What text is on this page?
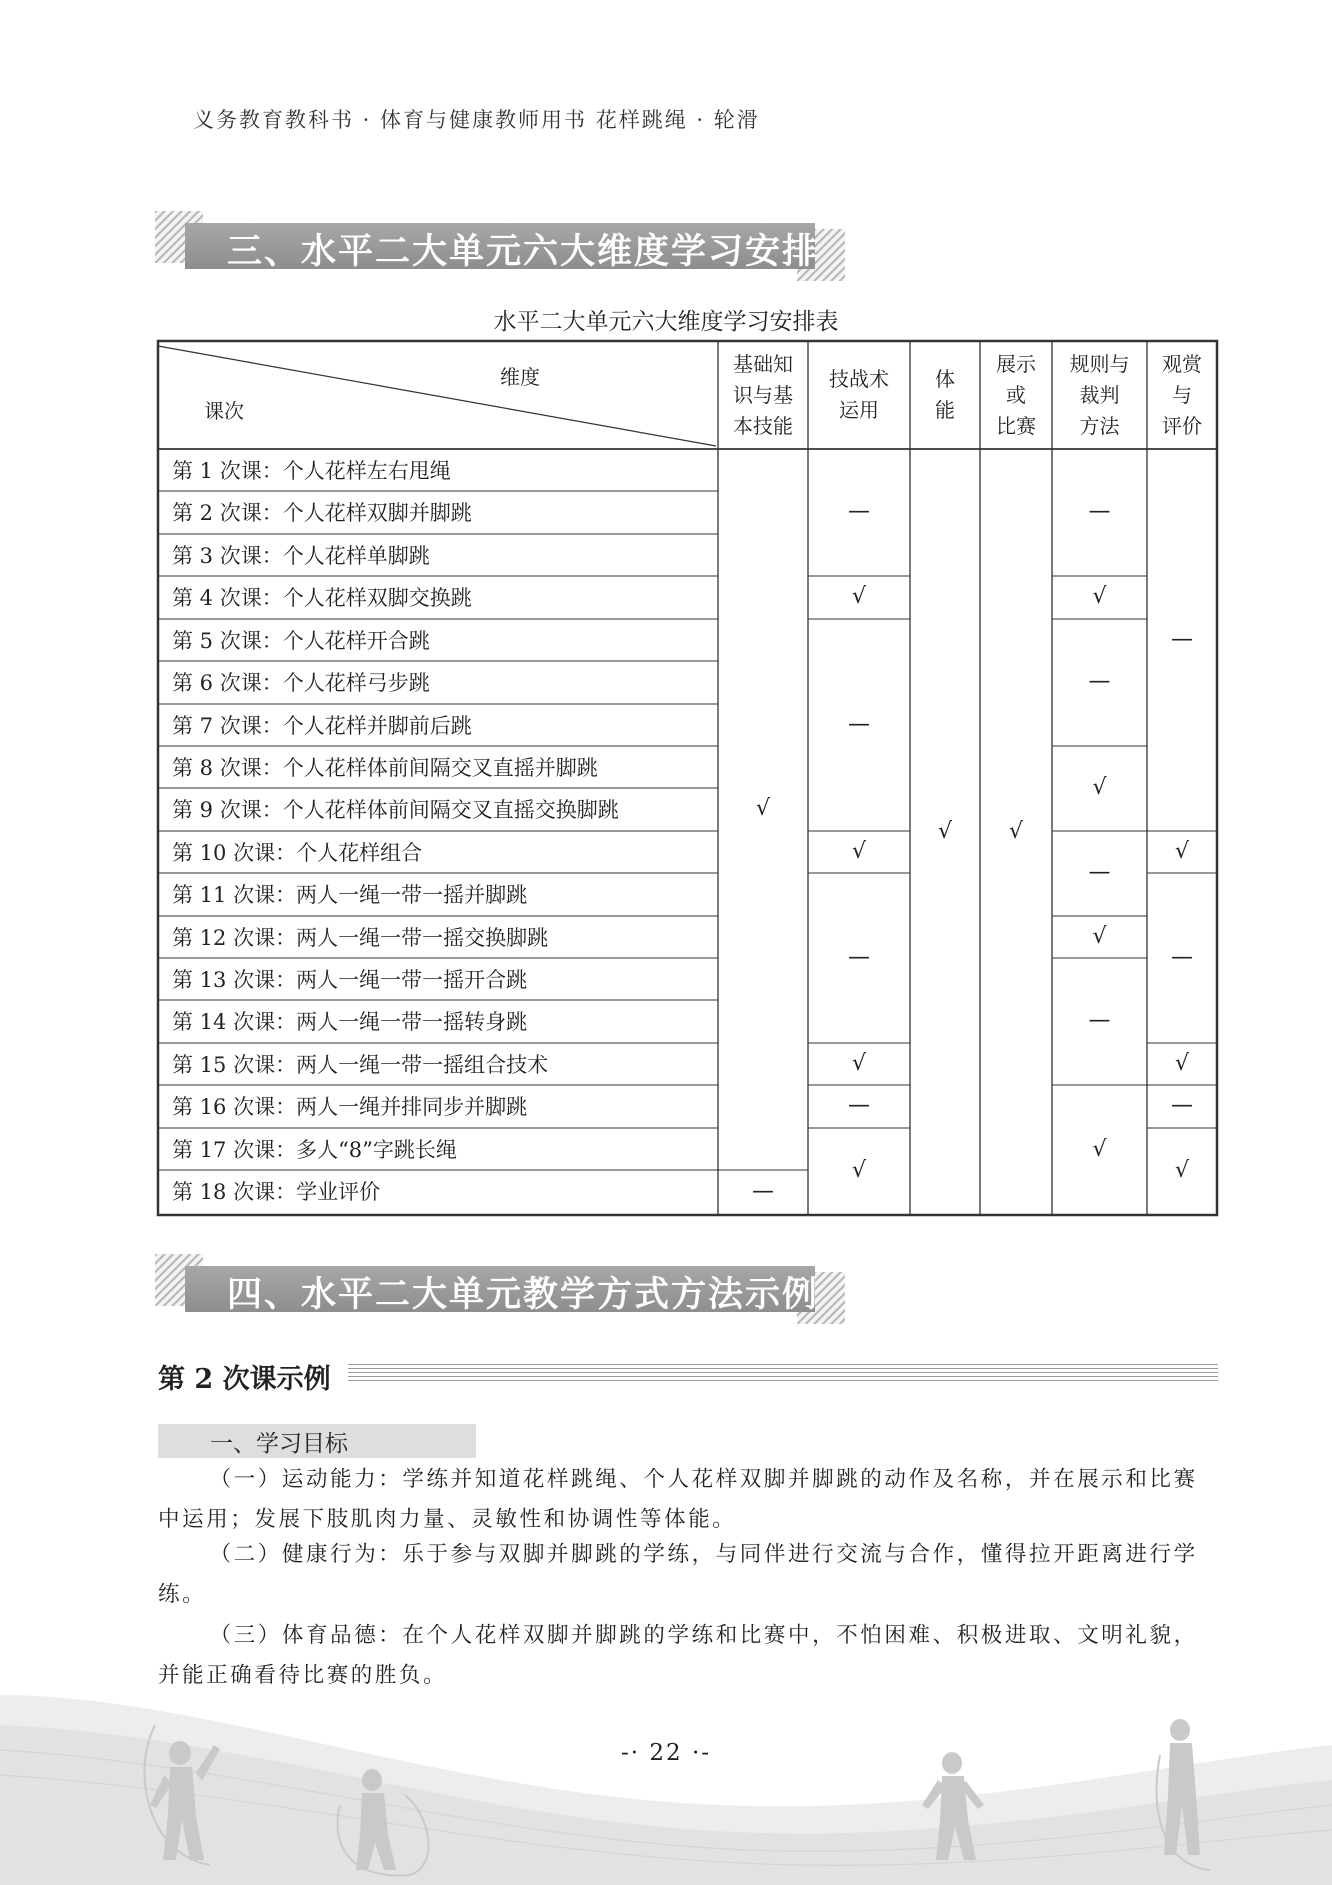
义务教育教科书 · 体育与健康教师用书 花样跳绳 · 轮滑
三、水平二大单元六大维度学习安排
水平二大单元六大维度学习安排表
维度
课次
基础知
识与基
本技能
技战术
运用
体
能
展示
或
比赛
规则与
裁判
方法
观赏
与
评价
第 1 次课：个人花样左右甩绳
第 2 次课：个人花样双脚并脚跳
第 3 次课：个人花样单脚跳
第 4 次课：个人花样双脚交换跳
第 5 次课：个人花样开合跳
第 6 次课：个人花样弓步跳
第 7 次课：个人花样并脚前后跳
第 8 次课：个人花样体前间隔交叉直摇并脚跳
第 9 次课：个人花样体前间隔交叉直摇交换脚跳
第 10 次课：个人花样组合
第 11 次课：两人一绳一带一摇并脚跳
第 12 次课：两人一绳一带一摇交换脚跳
第 13 次课：两人一绳一带一摇开合跳
第 14 次课：两人一绳一带一摇转身跳
第 15 次课：两人一绳一带一摇组合技术
第 16 次课：两人一绳并排同步并脚跳
第 17 次课：多人“8”字跳长绳
第 18 次课：学业评价
√
—
—
√
—
√
—
√
—
√
√	√
—
√
—
√
—
√
—
√
—
√
—
√
—
√
四、水平二大单元教学方式方法示例
第 2 次课示例
一、学习目标
（一）运动能力：学练并知道花样跳绳、个人花样双脚并脚跳的动作及名称，并在展示和比赛中运用；发展下肢肌肉力量、灵敏性和协调性等体能。
（二）健康行为：乐于参与双脚并脚跳的学练，与同伴进行交流与合作，懂得拉开距离进行学练。
（三）体育品德：在个人花样双脚并脚跳的学练和比赛中，不怕困难、积极进取、文明礼貌，并能正确看待比赛的胜负。
-· 22 ·-
